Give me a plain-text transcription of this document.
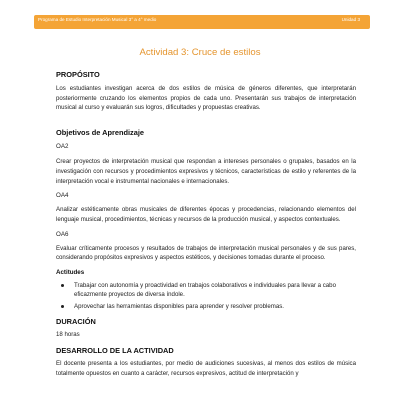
Programa de Estudio Interpretación Musical 3° a 4° medio	Unidad 3
Actividad 3: Cruce de estilos
PROPÓSITO
Los estudiantes investigan acerca de dos estilos de música de géneros diferentes, que interpretarán posteriormente cruzando los elementos propios de cada uno. Presentarán sus trabajos de interpretación musical al curso y evaluarán sus logros, dificultades y propuestas creativas.
Objetivos de Aprendizaje
OA2
Crear proyectos de interpretación musical que respondan a intereses personales o grupales, basados en la investigación con recursos y procedimientos expresivos y técnicos, características de estilo y referentes de la interpretación vocal e instrumental nacionales e internacionales.
OA4
Analizar estéticamente obras musicales de diferentes épocas y procedencias, relacionando elementos del lenguaje musical, procedimientos, técnicas y recursos de la producción musical, y aspectos contextuales.
OA6
Evaluar críticamente procesos y resultados de trabajos de interpretación musical personales y de sus pares, considerando propósitos expresivos y aspectos estéticos, y decisiones tomadas durante el proceso.
Actitudes
Trabajar con autonomía y proactividad en trabajos colaborativos e individuales para llevar a cabo eficazmente proyectos de diversa índole.
Aprovechar las herramientas disponibles para aprender y resolver problemas.
DURACIÓN
18 horas
DESARROLLO DE LA ACTIVIDAD
El docente presenta a los estudiantes, por medio de audiciones sucesivas, al menos dos estilos de música totalmente opuestos en cuanto a carácter, recursos expresivos, actitud de interpretación y
